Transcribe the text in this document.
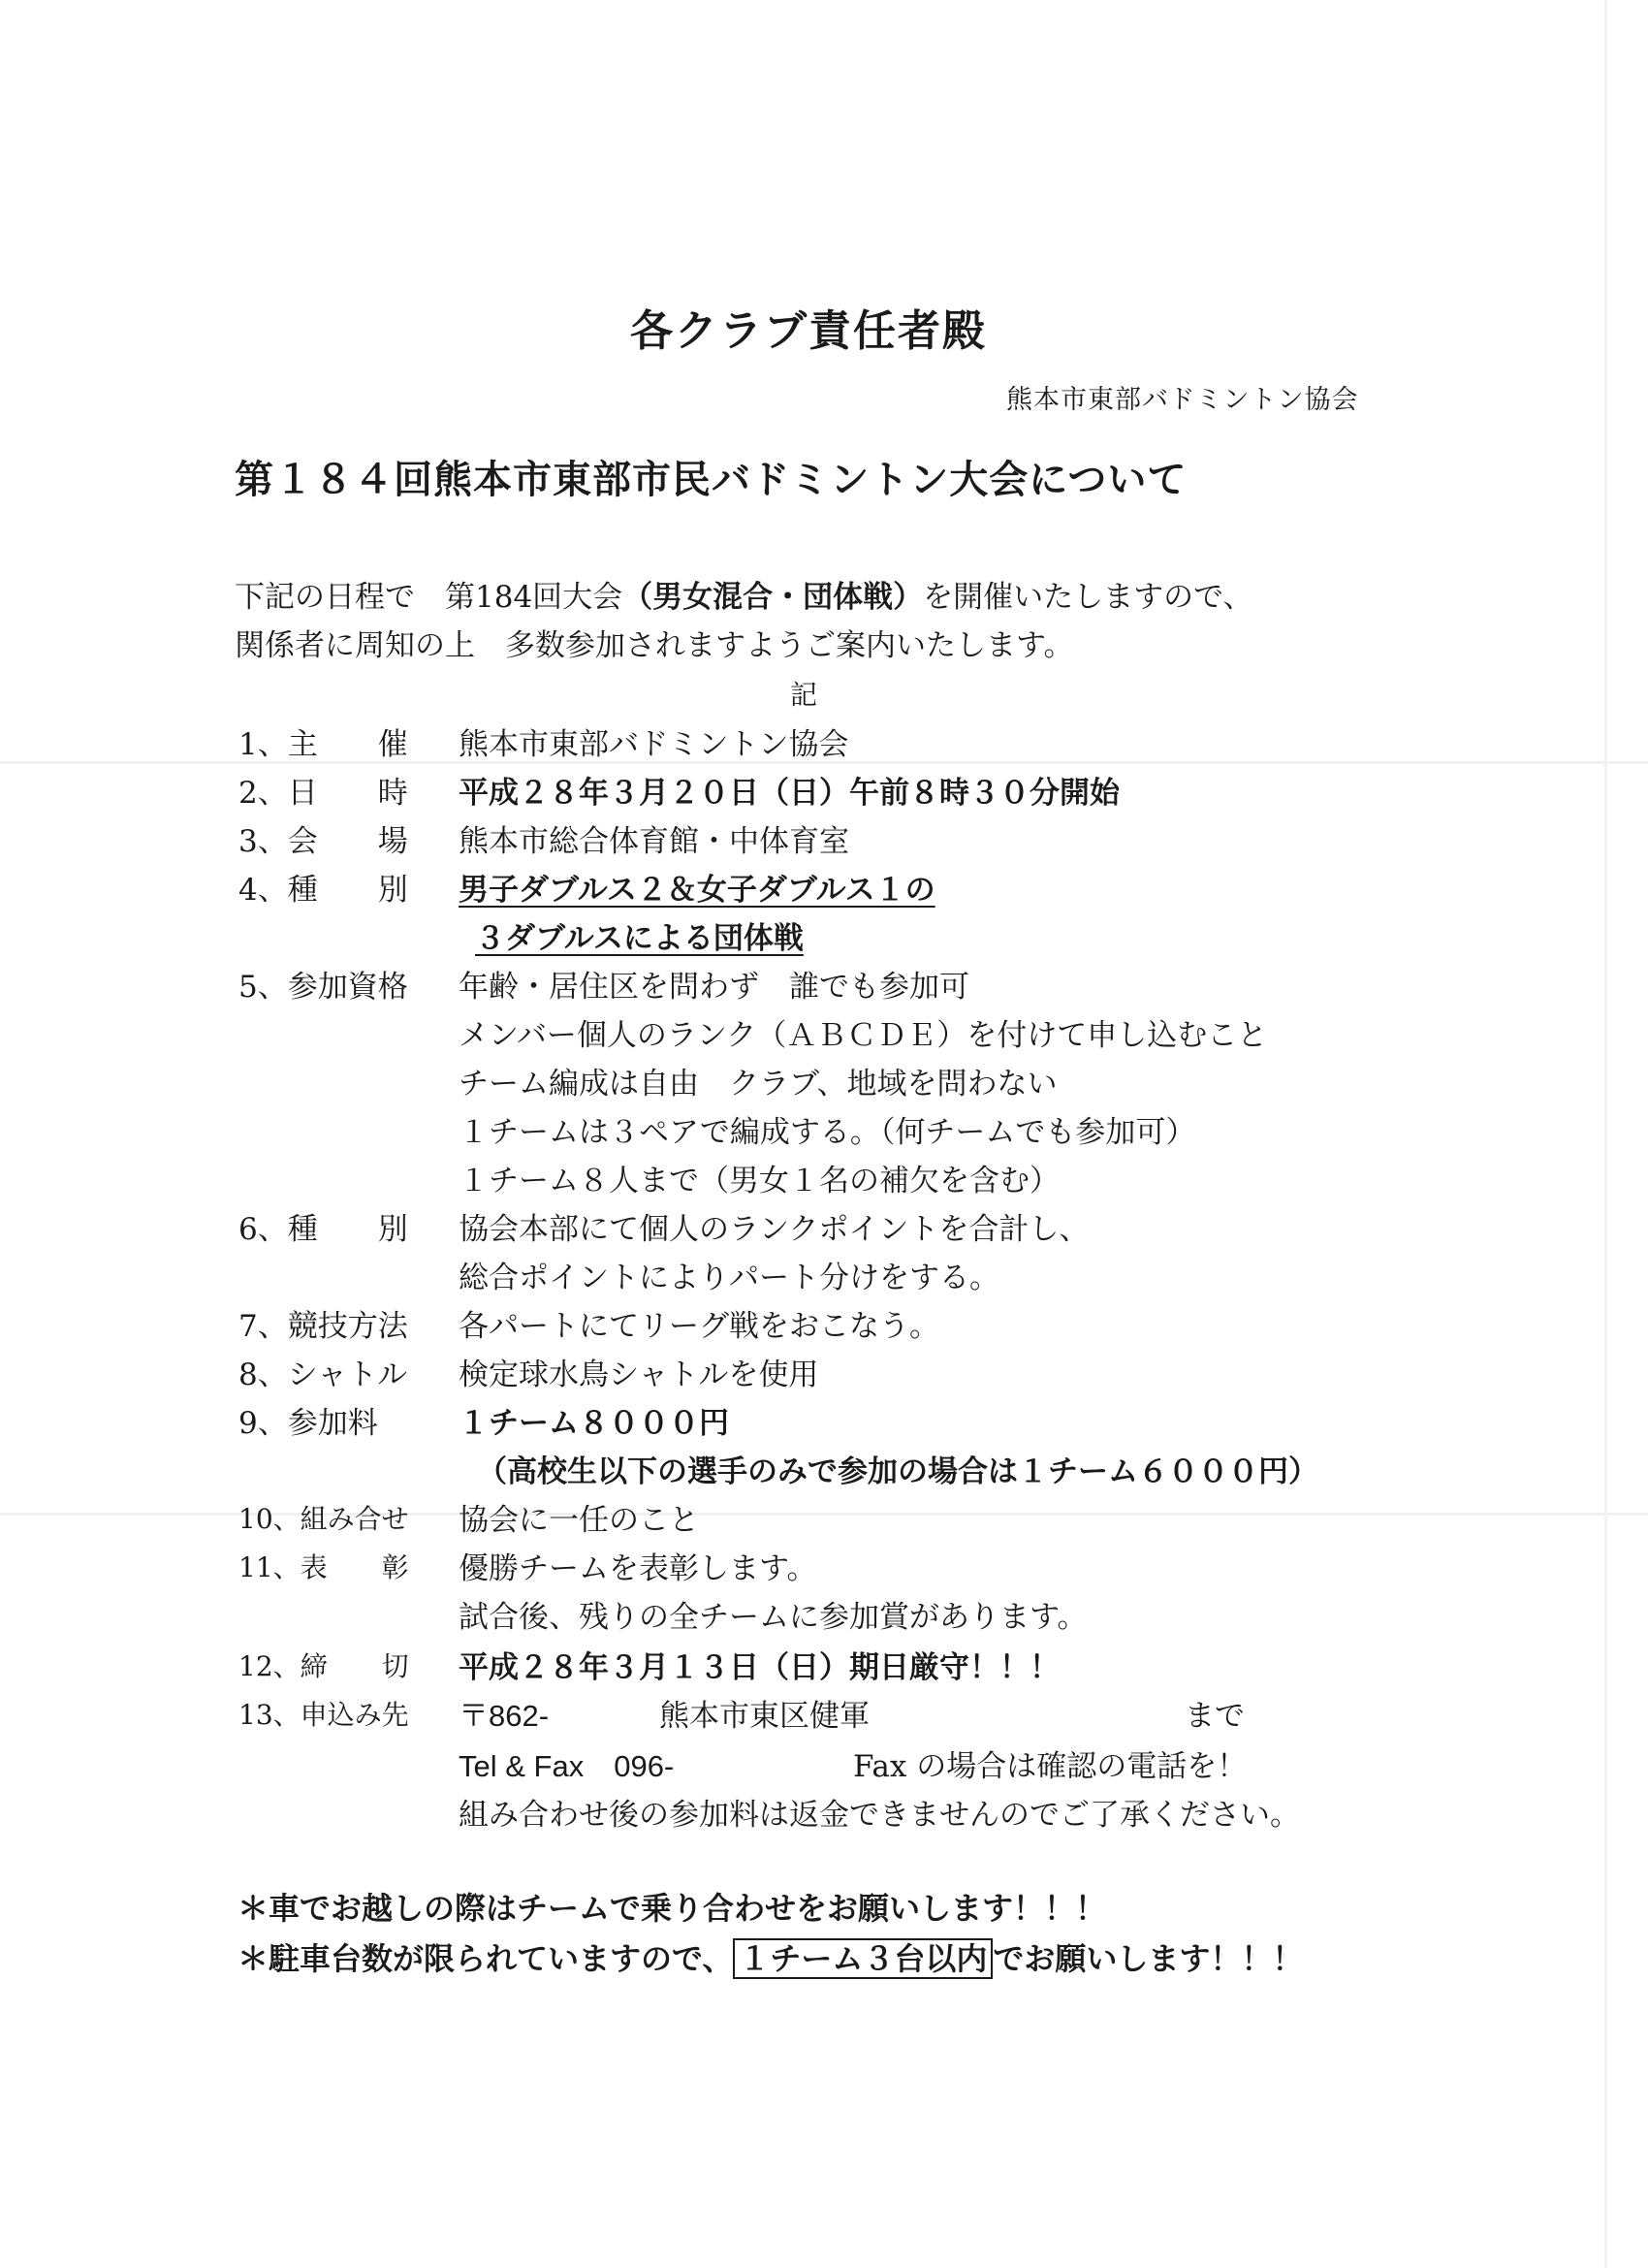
各クラブ責任者殿
熊本市東部バドミントン協会
第１８４回熊本市東部市民バドミントン大会について
下記の日程で　第184回大会（男女混合・団体戦）を開催いたしますので、
関係者に周知の上　多数参加されますようご案内いたします。
記
1、主　　催 熊本市東部バドミントン協会
2、日　　時 平成２８年３月２０日（日）午前８時３０分開始
3、会　　場 熊本市総合体育館・中体育室
4、種　　別 男子ダブルス２＆女子ダブルス１の
３ダブルスによる団体戦
5、参加資格 年齢・居住区を問わず　誰でも参加可
メンバー個人のランク（ＡＢＣＤＥ）を付けて申し込むこと
チーム編成は自由　クラブ、地域を問わない
１チームは３ペアで編成する。（何チームでも参加可）
１チーム８人まで（男女１名の補欠を含む）
6、種　　別 協会本部にて個人のランクポイントを合計し、
総合ポイントによりパート分けをする。
7、競技方法 各パートにてリーグ戦をおこなう。
8、シャトル 検定球水鳥シャトルを使用
9、参加料	１チーム８０００円
（高校生以下の選手のみで参加の場合は１チーム６０００円）
10、組み合せ 協会に一任のこと
11、表　　彰 優勝チームを表彰します。
試合後、残りの全チームに参加賞があります。
12、締　　切 平成２８年３月１３日（日）期日厳守！！！
13、申込み先 〒862-	熊本市東区健軍	まで
Tel & Fax　096-	Fax の場合は確認の電話を！
組み合わせ後の参加料は返金できませんのでご了承ください。
＊車でお越しの際はチームで乗り合わせをお願いします！！！
＊駐車台数が限られていますので、 １チーム３台以内 でお願いします！！！
